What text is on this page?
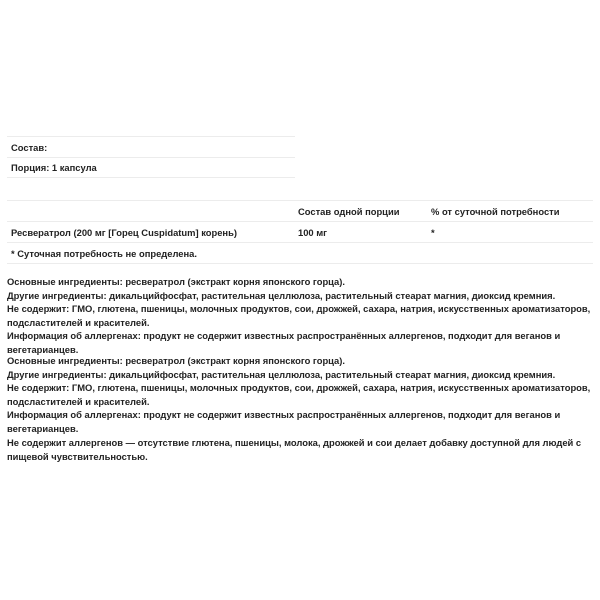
Состав:
Порция: 1 капсула
	Состав одной порции	% от суточной потребности
Ресвератрол (200 мг [Горец Cuspidatum] корень)	100 мг	*
* Суточная потребность не определена.		

Основные ингредиенты: ресвератрол (экстракт корня японского горца).

Другие ингредиенты: дикальцийфосфат, растительная целлюлоза, растительный стеарат магния, диоксид кремния.

Не содержит: ГМО, глютена, пшеницы, молочных продуктов, сои, дрожжей, сахара, натрия, искусственных ароматизаторов, подсластителей и красителей.

Информация об аллергенах: продукт не содержит известных распространённых аллергенов, подходит для веганов и вегетарианцев.

Основные ингредиенты: ресвератрол (экстракт корня японского горца).

Другие ингредиенты: дикальцийфосфат, растительная целлюлоза, растительный стеарат магния, диоксид кремния.

Не содержит: ГМО, глютена, пшеницы, молочных продуктов, сои, дрожжей, сахара, натрия, искусственных ароматизаторов, подсластителей и красителей.

Информация об аллергенах: продукт не содержит известных распространённых аллергенов, подходит для веганов и вегетарианцев.

Не содержит аллергенов — отсутствие глютена, пшеницы, молока, дрожжей и сои делает добавку доступной для людей с пищевой чувствительностью.
